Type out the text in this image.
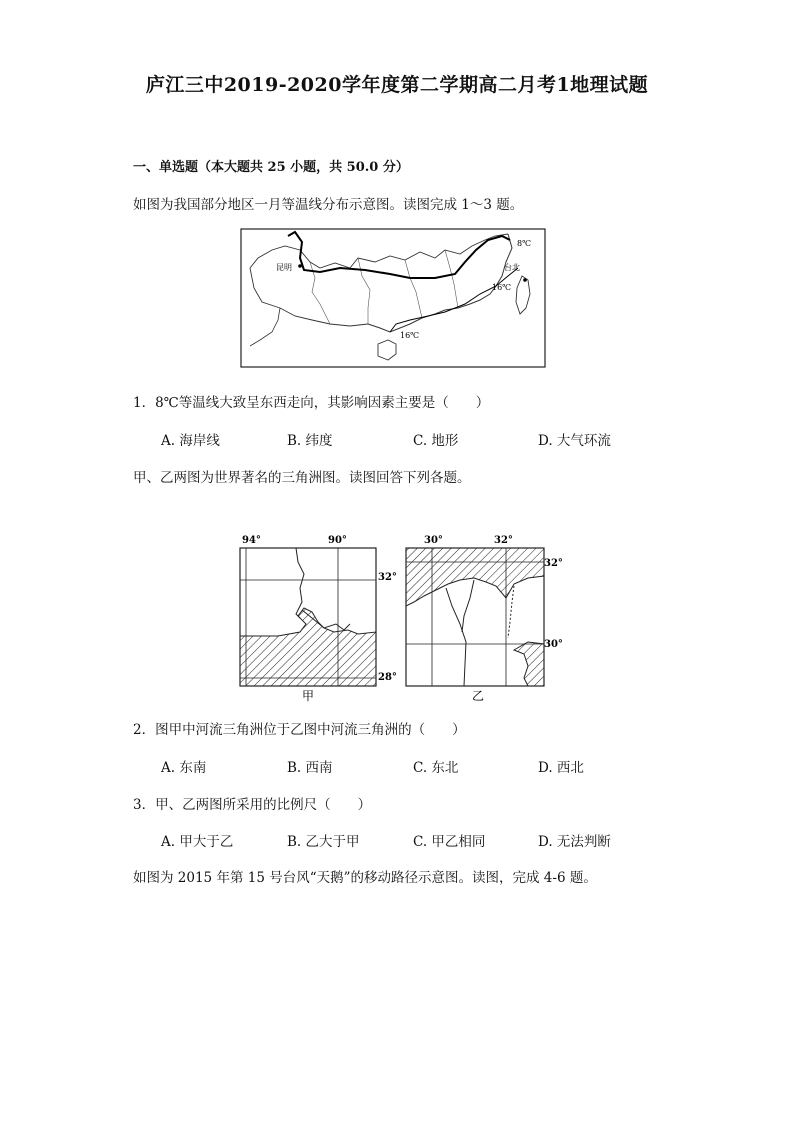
庐江三中2019-2020学年度第二学期高二月考1地理试题
一、单选题（本大题共 25 小题，共 50.0 分）
如图为我国部分地区一月等温线分布示意图。读图完成 1～3 题。
昆明	台北
8℃
16℃
16℃
1．8℃等温线大致呈东西走向，其影响因素主要是（　　）
A. 海岸线	B. 纬度	C. 地形	D. 大气环流
甲、乙两图为世界著名的三角洲图。读图回答下列各题。
94°	90°
32°
28°
甲
30°	32°
32°
30°
乙
2．图甲中河流三角洲位于乙图中河流三角洲的（　　）
A. 东南	B. 西南	C. 东北	D. 西北
3．甲、乙两图所采用的比例尺（　　）
A. 甲大于乙	B. 乙大于甲	C. 甲乙相同	D. 无法判断
如图为 2015 年第 15 号台风“天鹅”的移动路径示意图。读图，完成 4-6 题。
